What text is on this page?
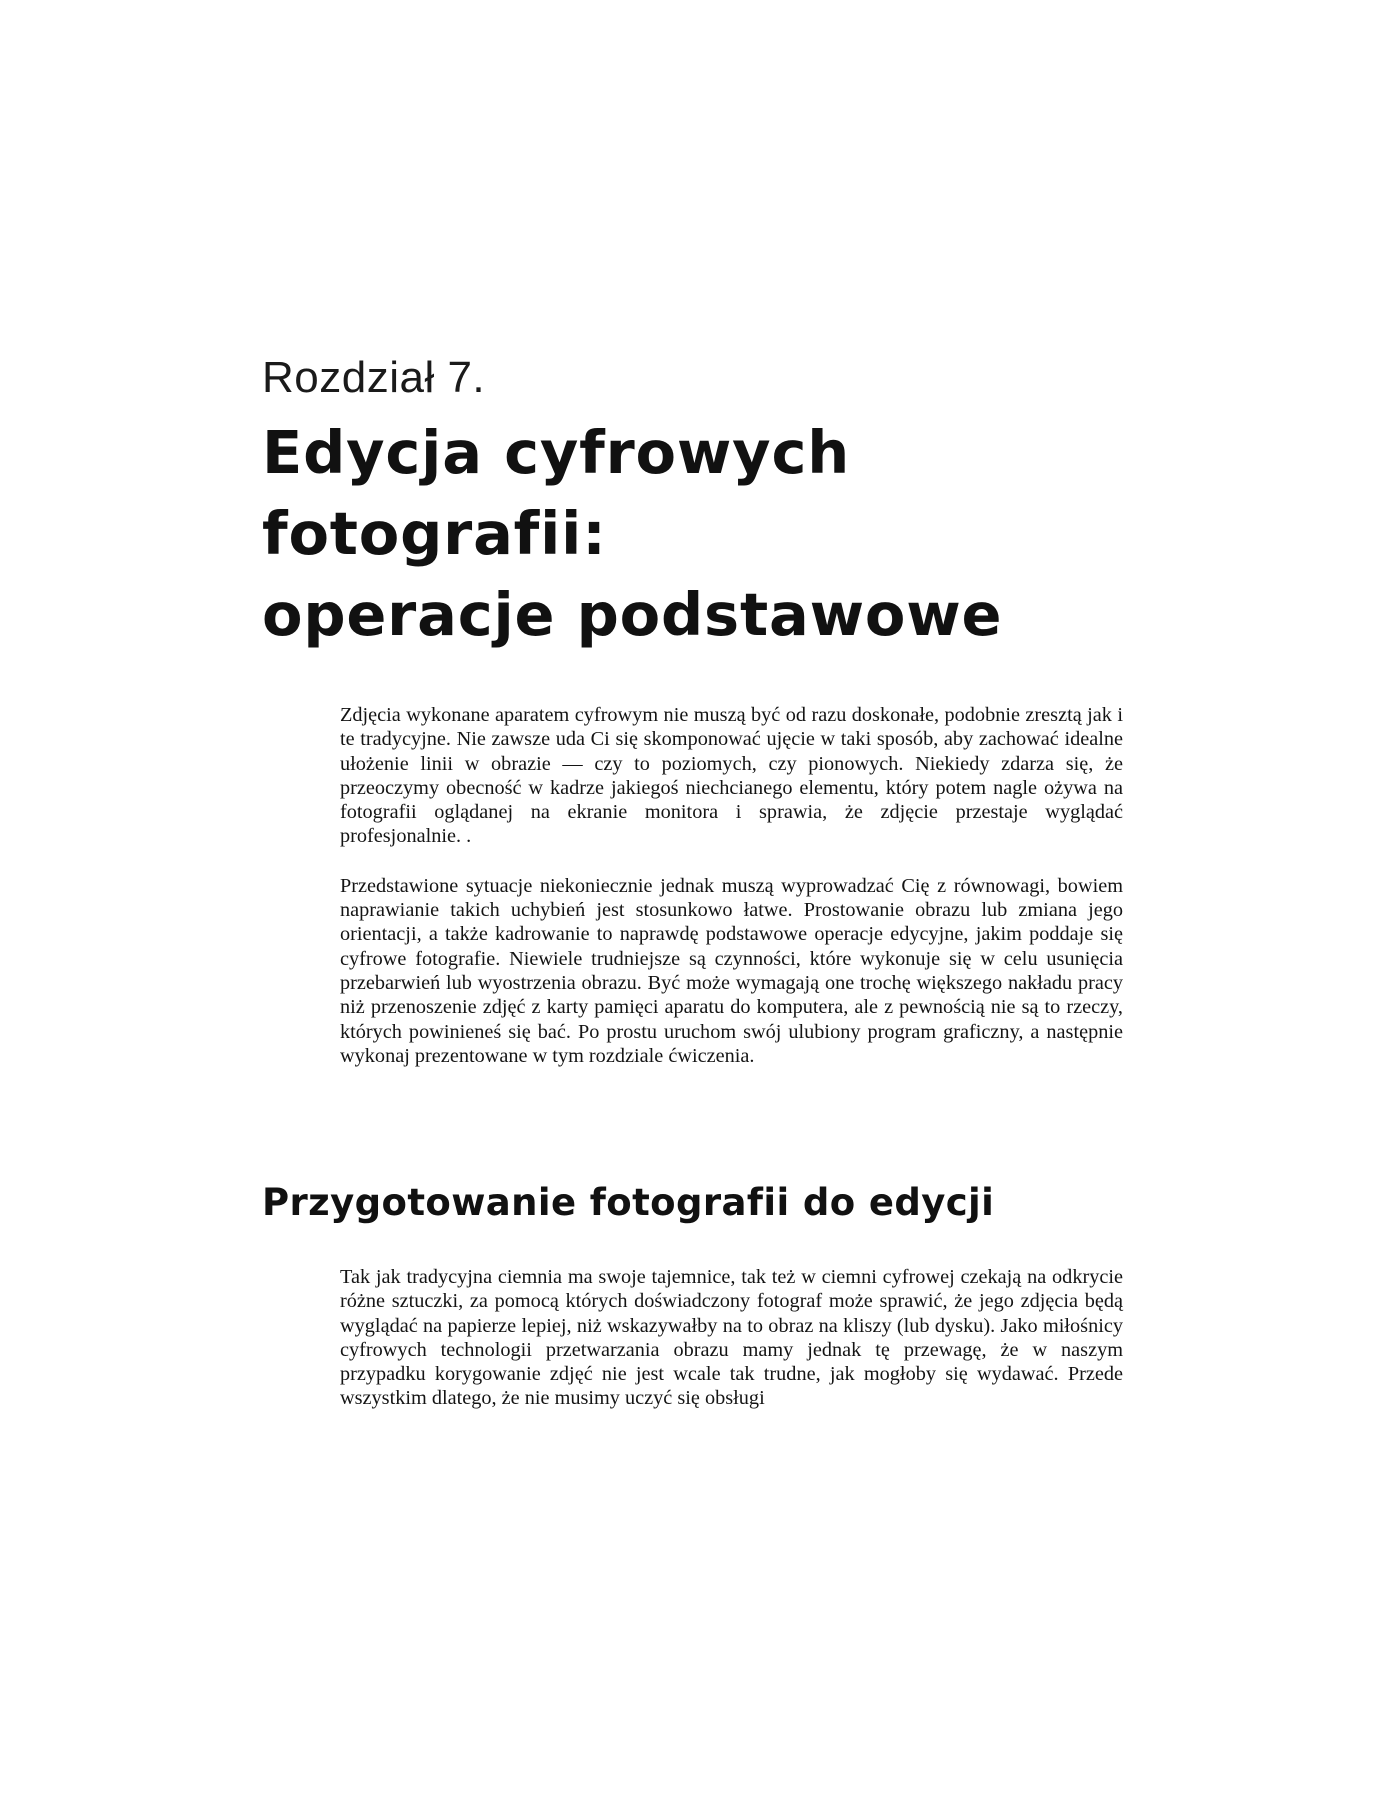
Rozdział 7.
Edycja cyfrowych
fotografii:
operacje podstawowe

Zdjęcia wykonane aparatem cyfrowym nie muszą być od razu doskonałe, podobnie zresztą jak i te tradycyjne. Nie zawsze uda Ci się skomponować ujęcie w taki sposób, aby zachować idealne ułożenie linii w obrazie — czy to poziomych, czy pionowych. Niekiedy zdarza się, że przeoczymy obecność w kadrze jakiegoś niechcianego elementu, który potem nagle ożywa na fotografii oglądanej na ekranie monitora i sprawia, że zdjęcie przestaje wyglądać profesjonalnie. .

Przedstawione sytuacje niekoniecznie jednak muszą wyprowadzać Cię z równowagi, bowiem naprawianie takich uchybień jest stosunkowo łatwe. Prostowanie obrazu lub zmiana jego orientacji, a także kadrowanie to naprawdę podstawowe operacje edycyjne, jakim poddaje się cyfrowe fotografie. Niewiele trudniejsze są czynności, które wykonuje się w celu usunięcia przebarwień lub wyostrzenia obrazu. Być może wymagają one trochę większego nakładu pracy niż przenoszenie zdjęć z karty pamięci aparatu do komputera, ale z pewnością nie są to rzeczy, których powinieneś się bać. Po prostu uruchom swój ulubiony program graficzny, a następnie wykonaj prezentowane w tym rozdziale ćwiczenia.

Przygotowanie fotografii do edycji

Tak jak tradycyjna ciemnia ma swoje tajemnice, tak też w ciemni cyfrowej czekają na odkrycie różne sztuczki, za pomocą których doświadczony fotograf może sprawić, że jego zdjęcia będą wyglądać na papierze lepiej, niż wskazywałby na to obraz na kliszy (lub dysku). Jako miłośnicy cyfrowych technologii przetwarzania obrazu mamy jednak tę przewagę, że w naszym przypadku korygowanie zdjęć nie jest wcale tak trudne, jak mogłoby się wydawać. Przede wszystkim dlatego, że nie musimy uczyć się obsługi
